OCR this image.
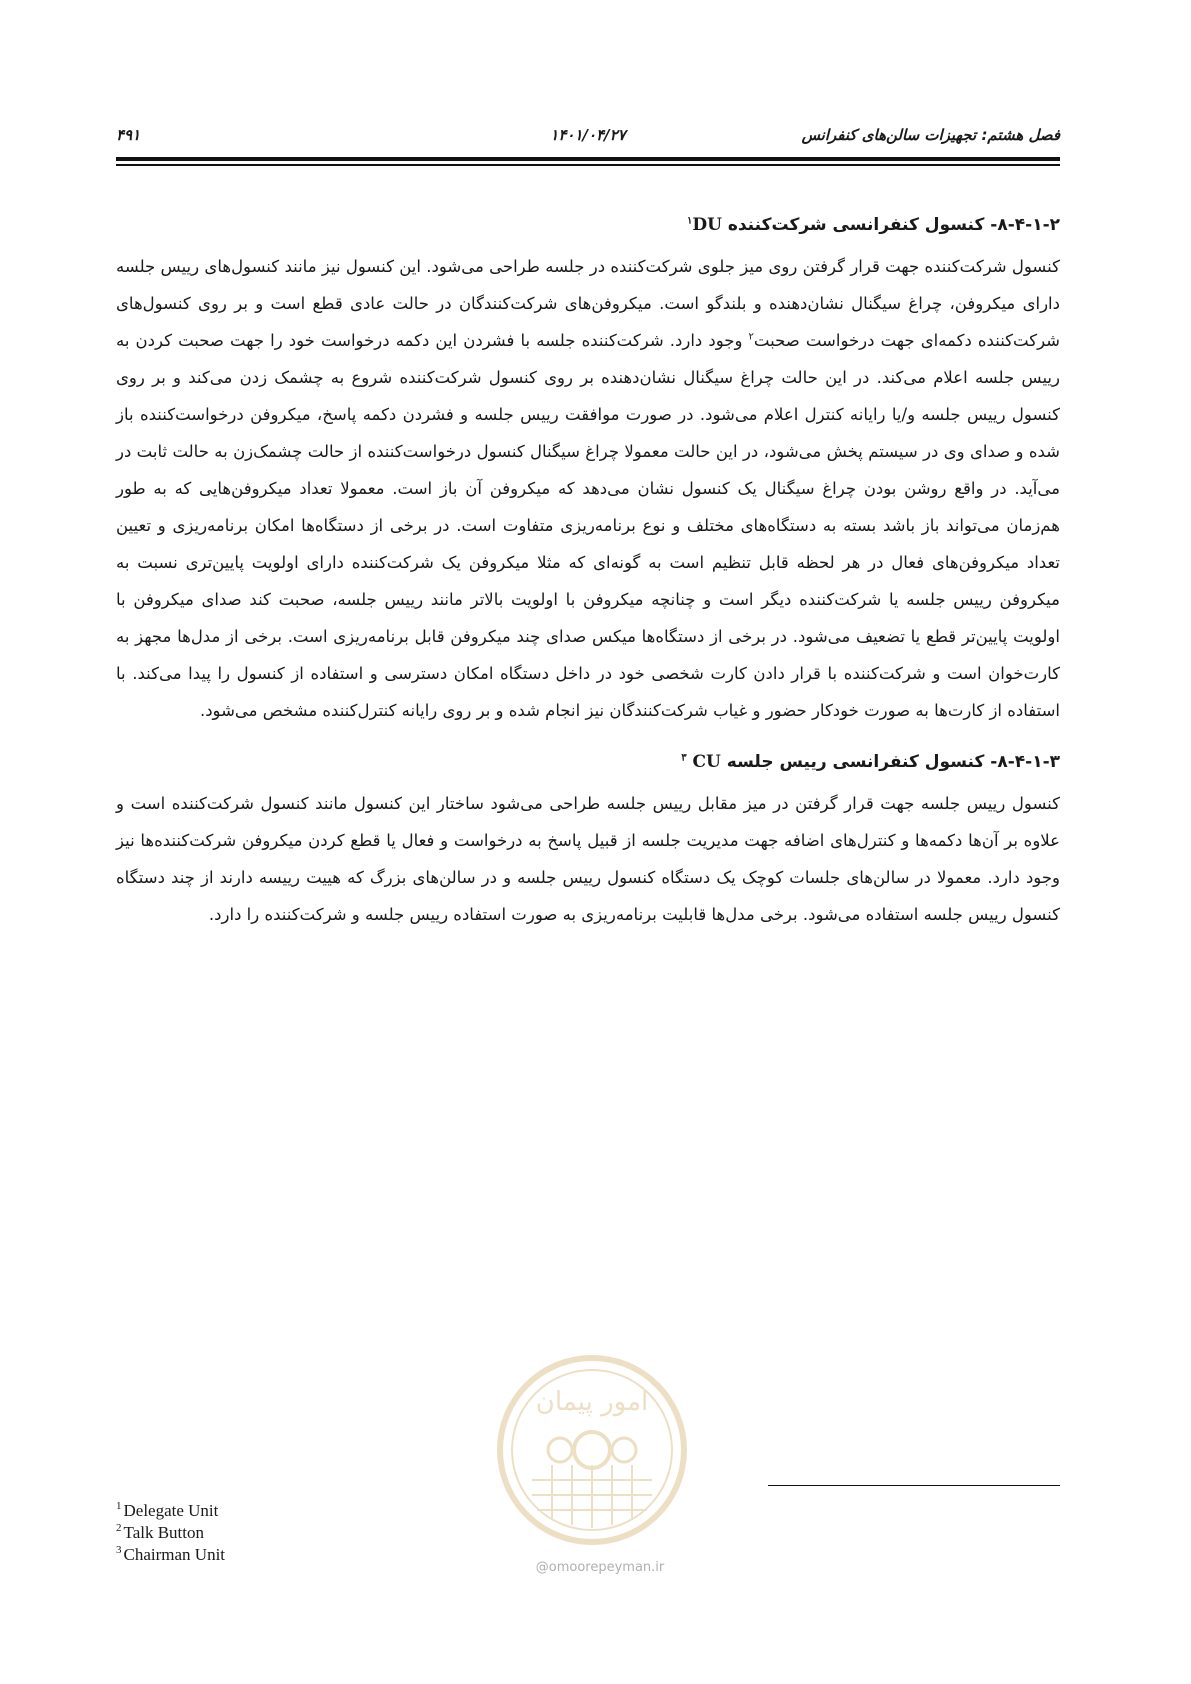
فصل هشتم: تجهیزات سالن‌های کنفرانس
۱۴۰۱/۰۴/۲۷
۴۹۱
۸-۴-۱-۲- کنسول کنفرانسی شرکت‌کننده $^۱$DU

کنسول شرکت‌کننده جهت قرار گرفتن روی میز جلوی شرکت‌کننده در جلسه طراحی می‌شود. این کنسول نیز مانند کنسول‌های رییس جلسه دارای میکروفن، چراغ سیگنال نشان‌دهنده و بلندگو است. میکروفن‌های شرکت‌کنندگان در حالت عادی قطع است و بر روی کنسول‌های شرکت‌کننده دکمه‌ای جهت درخواست صحبت$^۲$ وجود دارد. شرکت‌کننده جلسه با فشردن این دکمه درخواست خود را جهت صحبت کردن به رییس جلسه اعلام می‌کند. در این حالت چراغ سیگنال نشان‌دهنده بر روی کنسول شرکت‌کننده شروع به چشمک زدن می‌کند و بر روی کنسول رییس جلسه و/یا رایانه کنترل اعلام می‌شود. در صورت موافقت رییس جلسه و فشردن دکمه پاسخ، میکروفن درخواست‌کننده باز شده و صدای وی در سیستم پخش می‌شود، در این حالت معمولا چراغ سیگنال کنسول درخواست‌کننده از حالت چشمک‌زن به حالت ثابت در می‌آید. در واقع روشن بودن چراغ سیگنال یک کنسول نشان می‌دهد که میکروفن آن باز است. معمولا تعداد میکروفن‌هایی که به طور هم‌زمان می‌تواند باز باشد بسته به دستگاه‌های مختلف و نوع برنامه‌ریزی متفاوت است. در برخی از دستگاه‌ها امکان برنامه‌ریزی و تعیین تعداد میکروفن‌های فعال در هر لحظه قابل تنظیم است به گونه‌ای که مثلا میکروفن یک شرکت‌کننده دارای اولویت پایین‌تری نسبت به میکروفن رییس جلسه یا شرکت‌کننده دیگر است و چنانچه میکروفن با اولویت بالاتر مانند رییس جلسه، صحبت کند صدای میکروفن با اولویت پایین‌تر قطع یا تضعیف می‌شود. در برخی از دستگاه‌ها میکس صدای چند میکروفن قابل برنامه‌ریزی است. برخی از مدل‌ها مجهز به کارت‌خوان است و شرکت‌کننده با قرار دادن کارت شخصی خود در داخل دستگاه امکان دسترسی و استفاده از کنسول را پیدا می‌کند. با استفاده از کارت‌ها به صورت خودکار حضور و غیاب شرکت‌کنندگان نیز انجام شده و بر روی رایانه کنترل‌کننده مشخص می‌شود.

۸-۴-۱-۳- کنسول کنفرانسی رییس جلسه $^۳$ CU

کنسول رییس جلسه جهت قرار گرفتن در میز مقابل رییس جلسه طراحی می‌شود ساختار این کنسول مانند کنسول شرکت‌کننده است و علاوه بر آن‌ها دکمه‌ها و کنترل‌های اضافه جهت مدیریت جلسه از قبیل پاسخ به درخواست و فعال یا قطع کردن میکروفن شرکت‌کننده‌ها نیز وجود دارد. معمولا در سالن‌های جلسات کوچک یک دستگاه کنسول رییس جلسه و در سالن‌های بزرگ که هییت رییسه دارند از چند دستگاه کنسول رییس جلسه استفاده می‌شود. برخی مدل‌ها قابلیت برنامه‌ریزی به صورت استفاده رییس جلسه و شرکت‌کننده را دارد.

امور پیمان
@omoorepeyman.ir
$^1$ Delegate Unit
$^2$ Talk Button
$^3$ Chairman Unit
